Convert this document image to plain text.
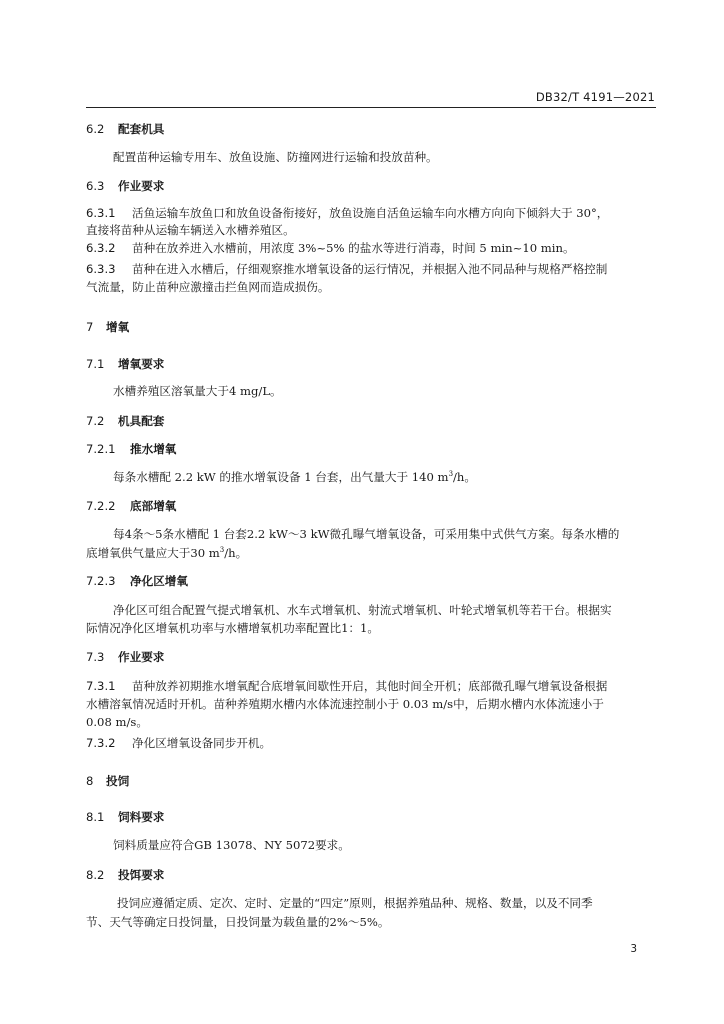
DB32/T 4191—2021
6.2 配套机具
配置苗种运输专用车、放鱼设施、防撞网进行运输和投放苗种。
6.3 作业要求
6.3.1 活鱼运输车放鱼口和放鱼设备衔接好，放鱼设施自活鱼运输车向水槽方向向下倾斜大于 30°，
直接将苗种从运输车辆送入水槽养殖区。
6.3.2 苗种在放养进入水槽前，用浓度 3%~5% 的盐水等进行消毒，时间 5 min~10 min。
6.3.3 苗种在进入水槽后，仔细观察推水增氧设备的运行情况，并根据入池不同品种与规格严格控制
气流量，防止苗种应激撞击拦鱼网而造成损伤。
7 增氧
7.1 增氧要求
水槽养殖区溶氧量大于4 mg/L。
7.2 机具配套
7.2.1 推水增氧
每条水槽配 2.2 kW 的推水增氧设备 1 台套，出气量大于 140 $m^3/h$。
7.2.2 底部增氧
每4条～5条水槽配 1 台套2.2 kW～3 kW微孔曝气增氧设备，可采用集中式供气方案。每条水槽的
底增氧供气量应大于30 $m^3/h$。
7.2.3 净化区增氧
净化区可组合配置气提式增氧机、水车式增氧机、射流式增氧机、叶轮式增氧机等若干台。根据实
际情况净化区增氧机功率与水槽增氧机功率配置比1：1。
7.3 作业要求
7.3.1 苗种放养初期推水增氧配合底增氧间歇性开启，其他时间全开机；底部微孔曝气增氧设备根据
水槽溶氧情况适时开机。苗种养殖期水槽内水体流速控制小于 0.03 m/s中，后期水槽内水体流速小于
0.08 m/s。
7.3.2 净化区增氧设备同步开机。
8 投饲
8.1 饲料要求
饲料质量应符合GB 13078、NY 5072要求。
8.2 投饵要求
投饲应遵循定质、定次、定时、定量的“四定”原则，根据养殖品种、规格、数量，以及不同季
节、天气等确定日投饲量，日投饲量为载鱼量的2%～5%。
3
